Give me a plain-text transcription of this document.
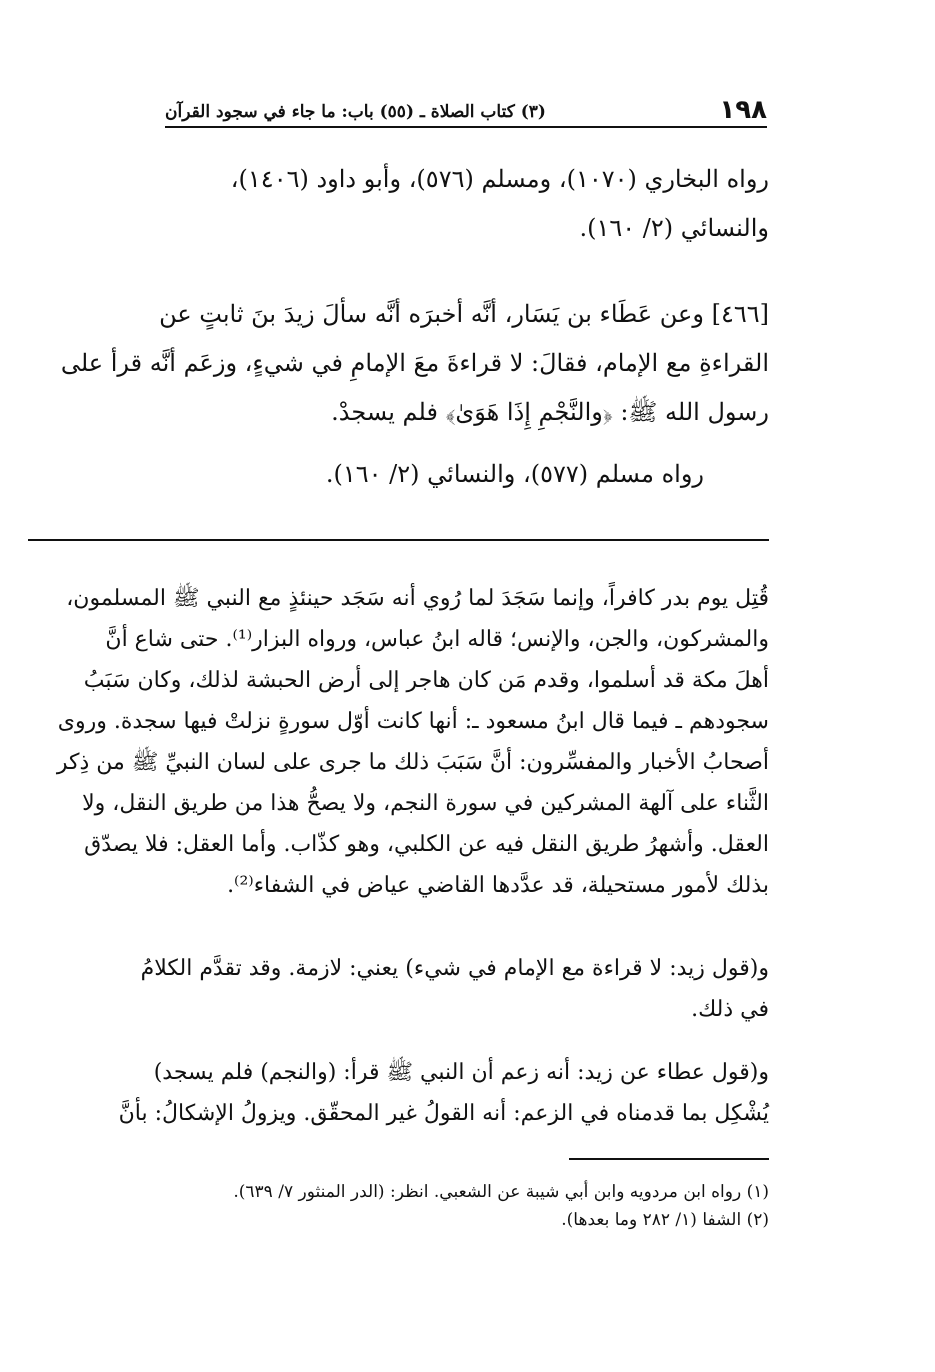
١٩٨
(٣) كتاب الصلاة ـ (٥٥) باب: ما جاء في سجود القرآن
رواه البخاري (١٠٧٠)، ومسلم (٥٧٦)، وأبو داود (١٤٠٦)،
والنسائي (٢/ ١٦٠).
[٤٦٦] وعن عَطَاء بن يَسَار، أنَّه أخبرَه أنَّه سألَ زيدَ بنَ ثابتٍ عن
القراءةِ مع الإمام، فقالَ: لا قراءةَ معَ الإمامِ في شيءٍ، وزعَم أنَّه قرأ على
رسول الله ﷺ: ﴿والنَّجْمِ إِذَا هَوَىٰ﴾ فلم يسجدْ.
رواه مسلم (٥٧٧)، والنسائي (٢/ ١٦٠).
قُتِل يوم بدر كافراً، وإنما سَجَدَ لما رُوي أنه سَجَد حينئذٍ مع النبي ﷺ المسلمون،
والمشركون، والجن، والإنس؛ قاله ابنُ عباس، ورواه البزار⁽¹⁾. حتى شاع أنَّ
أهلَ مكة قد أسلموا، وقدم مَن كان هاجر إلى أرض الحبشة لذلك، وكان سَبَبُ
سجودهم ـ فيما قال ابنُ مسعود ـ: أنها كانت أوّل سورةٍ نزلتْ فيها سجدة. وروى
أصحابُ الأخبار والمفسِّرون: أنَّ سَبَبَ ذلك ما جرى على لسان النبيِّ ﷺ من ذِكر
الثَّناء على آلهة المشركين في سورة النجم، ولا يصحُّ هذا من طريق النقل، ولا
العقل. وأشهرُ طريق النقل فيه عن الكلبي، وهو كذّاب. وأما العقل: فلا يصدّق
بذلك لأمور مستحيلة، قد عدَّدها القاضي عياض في الشفاء⁽²⁾.
و(قول زيد: لا قراءة مع الإمام في شيء) يعني: لازمة. وقد تقدَّم الكلامُ
في ذلك.
و(قول عطاء عن زيد: أنه زعم أن النبي ﷺ قرأ: (والنجم) فلم يسجد)
يُشْكِل بما قدمناه في الزعم: أنه القولُ غير المحقّق. ويزولُ الإشكالُ: بأنَّ
(١) رواه ابن مردويه وابن أبي شيبة عن الشعبي. انظر: (الدر المنثور ٧/ ٦٣٩).
(٢) الشفا (١/ ٢٨٢ وما بعدها).
